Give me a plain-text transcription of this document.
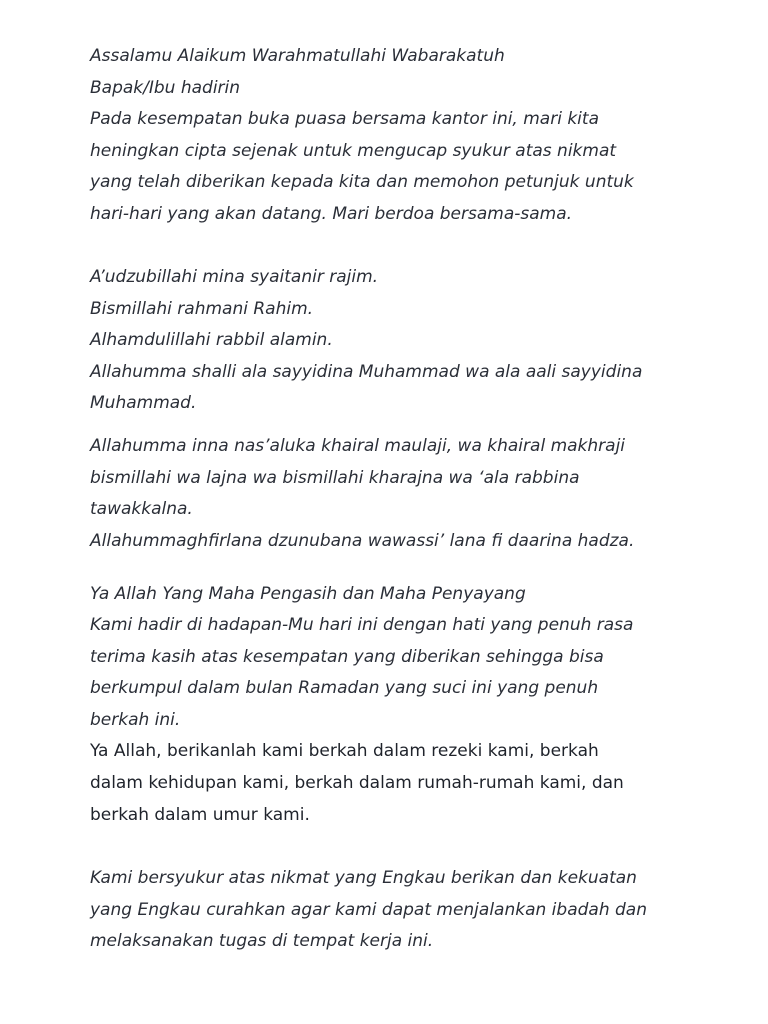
Assalamu Alaikum Warahmatullahi Wabarakatuh
Bapak/Ibu hadirin
Pada kesempatan buka puasa bersama kantor ini, mari kita
heningkan cipta sejenak untuk mengucap syukur atas nikmat
yang telah diberikan kepada kita dan memohon petunjuk untuk
hari-hari yang akan datang. Mari berdoa bersama-sama.
A’udzubillahi mina syaitanir rajim.
Bismillahi rahmani Rahim.
Alhamdulillahi rabbil alamin.
Allahumma shalli ala sayyidina Muhammad wa ala aali sayyidina
Muhammad.
Allahumma inna nas’aluka khairal maulaji, wa khairal makhraji
bismillahi wa lajna wa bismillahi kharajna wa ‘ala rabbina
tawakkalna.
Allahummaghfirlana dzunubana wawassi’ lana fi daarina hadza.
Ya Allah Yang Maha Pengasih dan Maha Penyayang
Kami hadir di hadapan-Mu hari ini dengan hati yang penuh rasa
terima kasih atas kesempatan yang diberikan sehingga bisa
berkumpul dalam bulan Ramadan yang suci ini yang penuh
berkah ini.
Ya Allah, berikanlah kami berkah dalam rezeki kami, berkah
dalam kehidupan kami, berkah dalam rumah-rumah kami, dan
berkah dalam umur kami.
Kami bersyukur atas nikmat yang Engkau berikan dan kekuatan
yang Engkau curahkan agar kami dapat menjalankan ibadah dan
melaksanakan tugas di tempat kerja ini.
